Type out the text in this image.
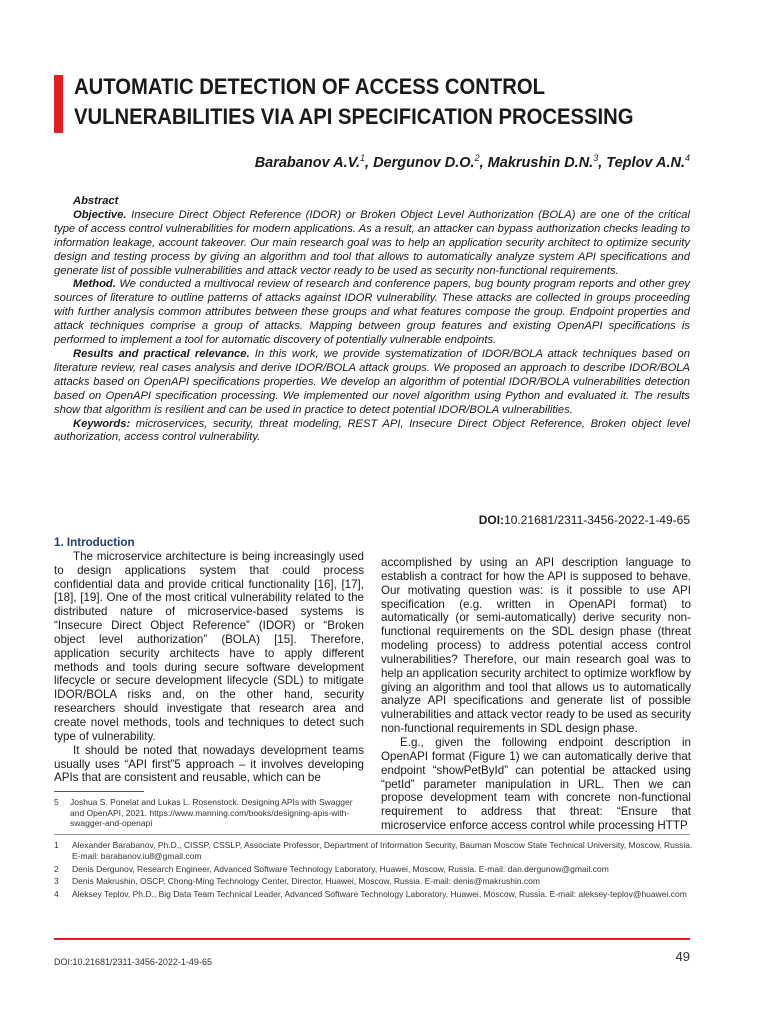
AUTOMATIC DETECTION OF ACCESS CONTROL
VULNERABILITIES VIA API SPECIFICATION PROCESSING
Barabanov A.V.$^1$, Dergunov D.O.$^2$, Makrushin D.N.$^3$, Teplov A.N.$^4$

Abstract

Objective. Insecure Direct Object Reference (IDOR) or Broken Object Level Authorization (BOLA) are one of the critical type of access control vulnerabilities for modern applications. As a result, an attacker can bypass authorization checks leading to information leakage, account takeover. Our main research goal was to help an application security architect to optimize security design and testing process by giving an algorithm and tool that allows to automatically analyze system API specifications and generate list of possible vulnerabilities and attack vector ready to be used as security non-functional requirements.

Method. We conducted a multivocal review of research and conference papers, bug bounty program reports and other grey sources of literature to outline patterns of attacks against IDOR vulnerability. These attacks are collected in groups proceeding with further analysis common attributes between these groups and what features compose the group. Endpoint properties and attack techniques comprise a group of attacks. Mapping between group features and existing OpenAPI specifications is performed to implement a tool for automatic discovery of potentially vulnerable endpoints.

Results and practical relevance. In this work, we provide systematization of IDOR/BOLA attack techniques based on literature review, real cases analysis and derive IDOR/BOLA attack groups. We proposed an approach to describe IDOR/BOLA attacks based on OpenAPI specifications properties. We develop an algorithm of potential IDOR/BOLA vulnerabilities detection based on OpenAPI specification processing. We implemented our novel algorithm using Python and evaluated it. The results show that algorithm is resilient and can be used in practice to detect potential IDOR/BOLA vulnerabilities.

Keywords: microservices, security, threat modeling, REST API, Insecure Direct Object Reference, Broken object level authorization, access control vulnerability.

DOI:10.21681/2311-3456-2022-1-49-65

1. Introduction

The microservice architecture is being increasingly used to design applications system that could process confidential data and provide critical functionality [16], [17], [18], [19]. One of the most critical vulnerability related to the distributed nature of microservice-based systems is “Insecure Direct Object Reference” (IDOR) or “Broken object level authorization” (BOLA) [15]. Therefore, application security architects have to apply different methods and tools during secure software development lifecycle or secure development lifecycle (SDL) to mitigate IDOR/BOLA risks and, on the other hand, security researchers should investigate that research area and create novel methods, tools and techniques to detect such type of vulnerability.

It should be noted that nowadays development teams usually uses “API first”5 approach – it involves developing APIs that are consistent and reusable, which can be

accomplished by using an API description language to establish a contract for how the API is supposed to behave. Our motivating question was: is it possible to use API specification (e.g. written in OpenAPI format) to automatically (or semi-automatically) derive security non-functional requirements on the SDL design phase (threat modeling process) to address potential access control vulnerabilities? Therefore, our main research goal was to help an application security architect to optimize workflow by giving an algorithm and tool that allows us to automatically analyze API specifications and generate list of possible vulnerabilities and attack vector ready to be used as security non-functional requirements in SDL design phase.

E.g., given the following endpoint description in OpenAPI format (Figure 1) we can automatically derive that endpoint “showPetById” can potential be attacked using “petId” parameter manipulation in URL. Then we can propose development team with concrete non-functional requirement to address that threat: “Ensure that microservice enforce access control while processing HTTP

5 Joshua S. Ponelat and Lukas L. Rosenstock. Designing APIs with Swagger and OpenAPI, 2021. https://www.manning.com/books/designing-apis-with-swagger-and-openapi
1	Alexander Barabanov, Ph.D., CISSP, CSSLP, Associate Professor, Department of Information Security, Bauman Moscow State Technical University, Moscow, Russia. E-mail: barabanov.iu8@gmail.com
2	Denis Dergunov, Research Engineer, Advanced Software Technology Laboratory, Huawei, Moscow, Russia. E-mail: dan.dergunow@gmail.com
3	Denis Makrushin, OSCP, Chong-Ming Technology Center, Director, Huawei, Moscow, Russia. E-mail: denis@makrushin.com
4	Aleksey Teplov, Ph.D., Big Data Team Technical Leader, Advanced Software Technology Laboratory, Huawei, Moscow, Russia. E-mail: aleksey-teplov@huawei.com
DOI:10.21681/2311-3456-2022-1-49-65	49
